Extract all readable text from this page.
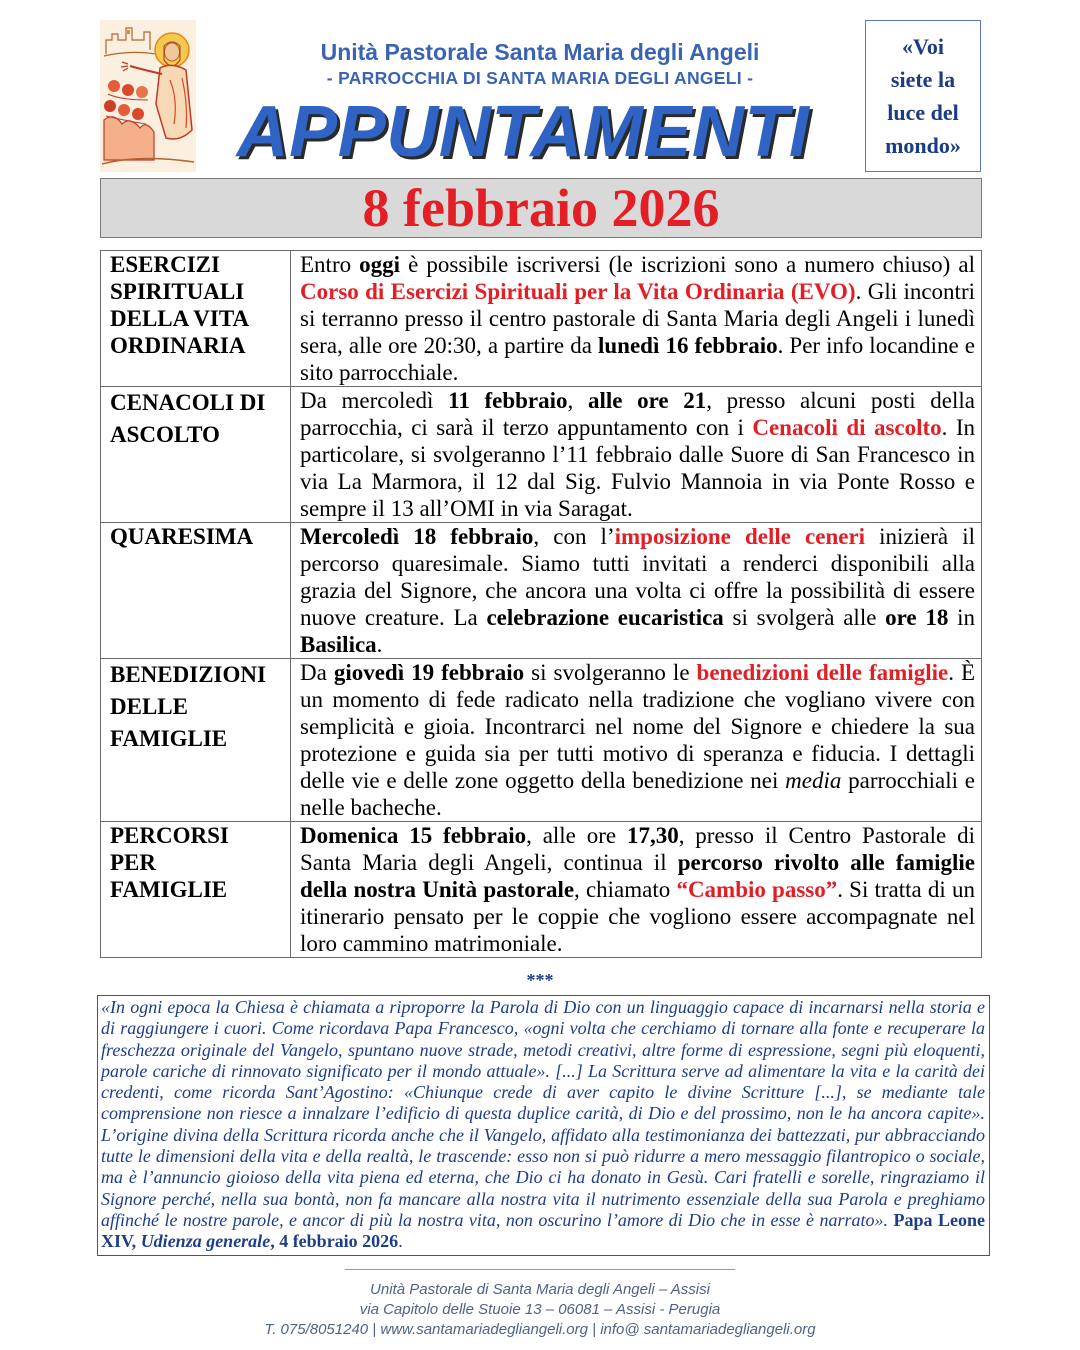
Unità Pastorale Santa Maria degli Angeli
- PARROCCHIA DI SANTA MARIA DEGLI ANGELI -
APPUNTAMENTI
«Voi
siete la
luce del
mondo»
8 febbraio 2026
ESERCIZI
SPIRITUALI
DELLA VITA
ORDINARIA
Entro oggi è possibile iscriversi (le iscrizioni sono a numero chiuso) al Corso di Esercizi Spirituali per la Vita Ordinaria (EVO). Gli incontri si terranno presso il centro pastorale di Santa Maria degli Angeli i lunedì sera, alle ore 20:30, a partire da lunedì 16 febbraio. Per info locandine e sito parrocchiale.
CENACOLI DI
ASCOLTO
Da mercoledì 11 febbraio, alle ore 21, presso alcuni posti della parrocchia, ci sarà il terzo appuntamento con i Cenacoli di ascolto. In particolare, si svolgeranno l’11 febbraio dalle Suore di San Francesco in via La Marmora, il 12 dal Sig. Fulvio Mannoia in via Ponte Rosso e sempre il 13 all’OMI in via Saragat.
QUARESIMA	Mercoledì 18 febbraio, con l’imposizione delle ceneri inizierà il percorso quaresimale. Siamo tutti invitati a renderci disponibili alla grazia del Signore, che ancora una volta ci offre la possibilità di essere nuove creature. La celebrazione eucaristica si svolgerà alle ore 18 in Basilica.
BENEDIZIONI
DELLE
FAMIGLIE
Da giovedì 19 febbraio si svolgeranno le benedizioni delle famiglie. È un momento di fede radicato nella tradizione che vogliano vivere con semplicità e gioia. Incontrarci nel nome del Signore e chiedere la sua protezione e guida sia per tutti motivo di speranza e fiducia. I dettagli delle vie e delle zone oggetto della benedizione nei media parrocchiali e nelle bacheche.
PERCORSI
PER
FAMIGLIE
Domenica 15 febbraio, alle ore 17,30, presso il Centro Pastorale di Santa Maria degli Angeli, continua il percorso rivolto alle famiglie della nostra Unità pastorale, chiamato “Cambio passo”. Si tratta di un itinerario pensato per le coppie che vogliono essere accompagnate nel loro cammino matrimoniale.
***
«In ogni epoca la Chiesa è chiamata a riproporre la Parola di Dio con un linguaggio capace di incarnarsi nella storia e di raggiungere i cuori. Come ricordava Papa Francesco, «ogni volta che cerchiamo di tornare alla fonte e recuperare la freschezza originale del Vangelo, spuntano nuove strade, metodi creativi, altre forme di espressione, segni più eloquenti, parole cariche di rinnovato significato per il mondo attuale». [...] La Scrittura serve ad alimentare la vita e la carità dei credenti, come ricorda Sant’Agostino: «Chiunque crede di aver capito le divine Scritture [...], se mediante tale comprensione non riesce a innalzare l’edificio di questa duplice carità, di Dio e del prossimo, non le ha ancora capite». L’origine divina della Scrittura ricorda anche che il Vangelo, affidato alla testimonianza dei battezzati, pur abbracciando tutte le dimensioni della vita e della realtà, le trascende: esso non si può ridurre a mero messaggio filantropico o sociale, ma è l’annuncio gioioso della vita piena ed eterna, che Dio ci ha donato in Gesù. Cari fratelli e sorelle, ringraziamo il Signore perché, nella sua bontà, non fa mancare alla nostra vita il nutrimento essenziale della sua Parola e preghiamo affinché le nostre parole, e ancor di più la nostra vita, non oscurino l’amore di Dio che in esse è narrato». Papa Leone XIV, Udienza generale, 4 febbraio 2026.
Unità Pastorale di Santa Maria degli Angeli – Assisi
via Capitolo delle Stuoie 13 – 06081 – Assisi - Perugia
T. 075/8051240 | www.santamariadegliangeli.org | info@ santamariadegliangeli.org
